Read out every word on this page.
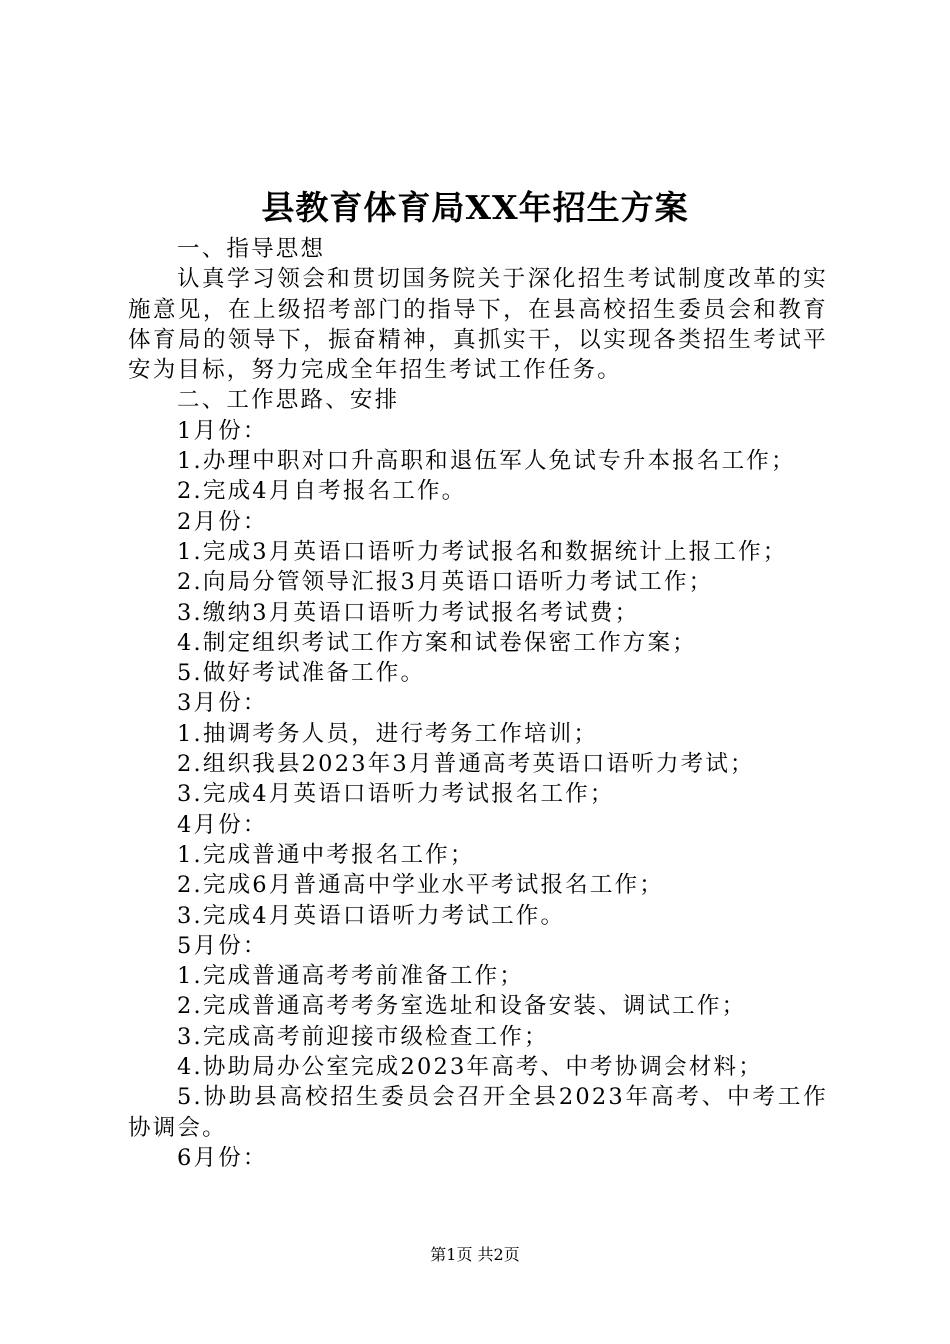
县教育体育局XX年招生方案

一、指导思想

认真学习领会和贯切国务院关于深化招生考试制度改革的实施意见，在上级招考部门的指导下，在县高校招生委员会和教育体育局的领导下，振奋精神，真抓实干，以实现各类招生考试平安为目标，努力完成全年招生考试工作任务。

二、工作思路、安排

1月份：

1.办理中职对口升高职和退伍军人免试专升本报名工作；

2.完成4月自考报名工作。

2月份：

1.完成3月英语口语听力考试报名和数据统计上报工作；

2.向局分管领导汇报3月英语口语听力考试工作；

3.缴纳3月英语口语听力考试报名考试费；

4.制定组织考试工作方案和试卷保密工作方案；

5.做好考试准备工作。

3月份：

1.抽调考务人员，进行考务工作培训；

2.组织我县2023年3月普通高考英语口语听力考试；

3.完成4月英语口语听力考试报名工作；

4月份：

1.完成普通中考报名工作；

2.完成6月普通高中学业水平考试报名工作；

3.完成4月英语口语听力考试工作。

5月份：

1.完成普通高考考前准备工作；

2.完成普通高考考务室选址和设备安装、调试工作；

3.完成高考前迎接市级检查工作；

4.协助局办公室完成2023年高考、中考协调会材料；

5.协助县高校招生委员会召开全县2023年高考、中考工作协调会。

6月份：

第1页 共2页
